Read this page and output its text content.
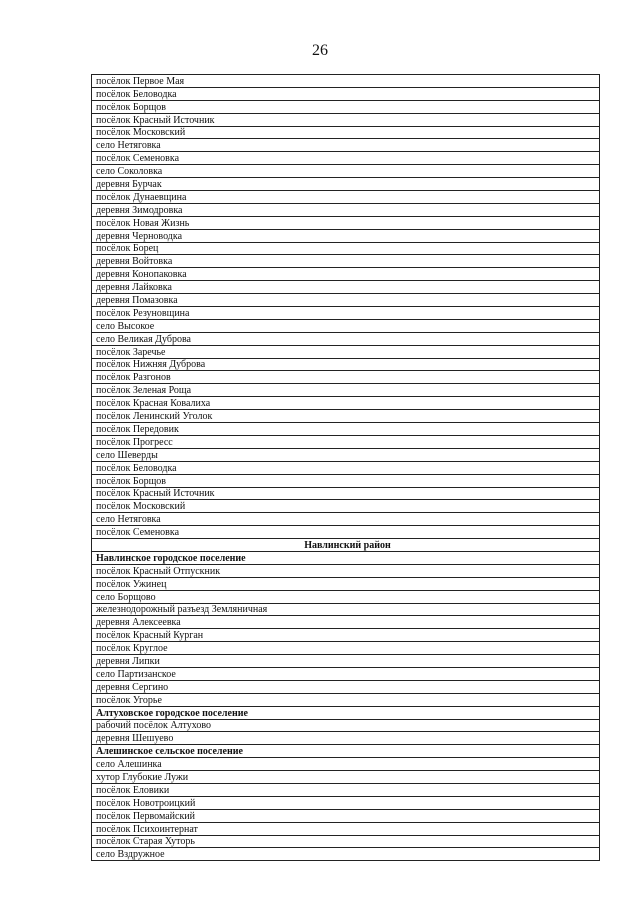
26
посёлок Первое Мая
посёлок Беловодка
посёлок Борщов
посёлок Красный Источник
посёлок Московский
село Нетяговка
посёлок Семеновка
село Соколовка
деревня Бурчак
посёлок Дунаевщина
деревня Зимодровка
посёлок Новая Жизнь
деревня Черноводка
посёлок Борец
деревня Войтовка
деревня Конопаковка
деревня Лайковка
деревня Помазовка
посёлок Резуновщина
село Высокое
село Великая Дуброва
посёлок Заречье
посёлок Нижняя Дуброва
посёлок Разгонов
посёлок Зеленая Роща
посёлок Красная Ковалиха
посёлок Ленинский Уголок
посёлок Передовик
посёлок Прогресс
село Шеверды
посёлок Беловодка
посёлок Борщов
посёлок Красный Источник
посёлок Московский
село Нетяговка
посёлок Семеновка
Навлинский район
Навлинское городское поселение
посёлок Красный Отпускник
посёлок Ужинец
село Борщово
железнодорожный разъезд Земляничная
деревня Алексеевка
посёлок Красный Курган
посёлок Круглое
деревня Липки
село Партизанское
деревня Сергино
посёлок Угорье
Алтуховское городское поселение
рабочий посёлок Алтухово
деревня Шешуево
Алешинское сельское поселение
село Алешинка
хутор Глубокие Лужи
посёлок Еловики
посёлок Новотроицкий
посёлок Первомайский
посёлок Психоинтернат
посёлок Старая Хуторь
село Вздружное
